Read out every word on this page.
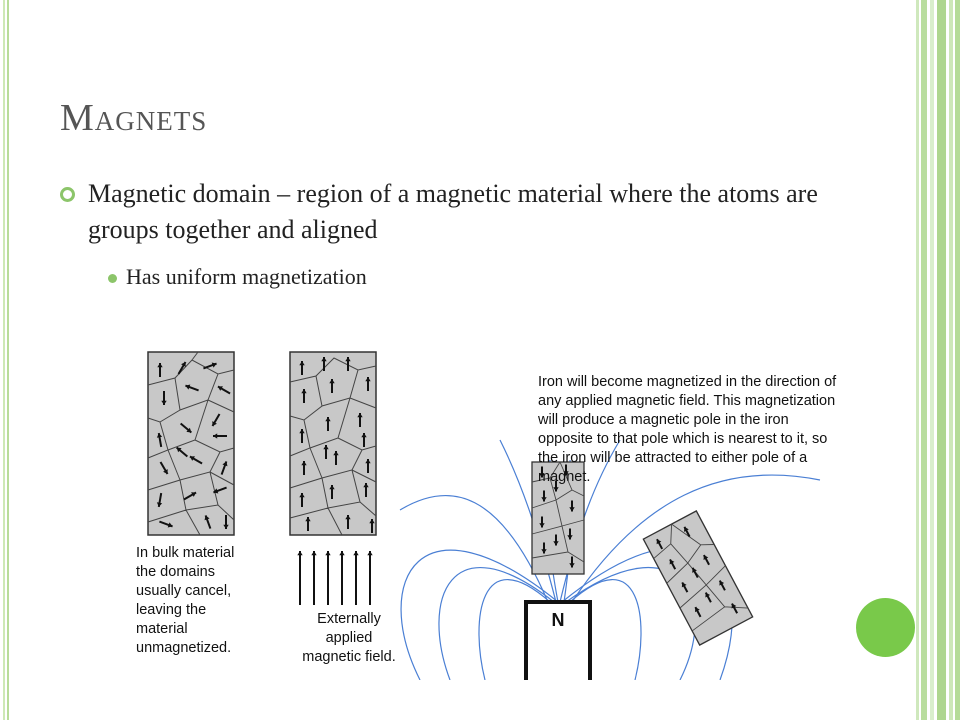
Magnets
Magnetic domain – region of a magnetic material where the atoms are groups together and aligned
Has uniform magnetization
N
In bulk material
the domains
usually cancel,
leaving the
material
unmagnetized.
Externally
applied
magnetic field.
Iron will become magnetized in the direction of any applied magnetic field. This magnetization will produce a magnetic pole in the iron opposite to that pole which is nearest to it, so the iron will be attracted to either pole of a magnet.
